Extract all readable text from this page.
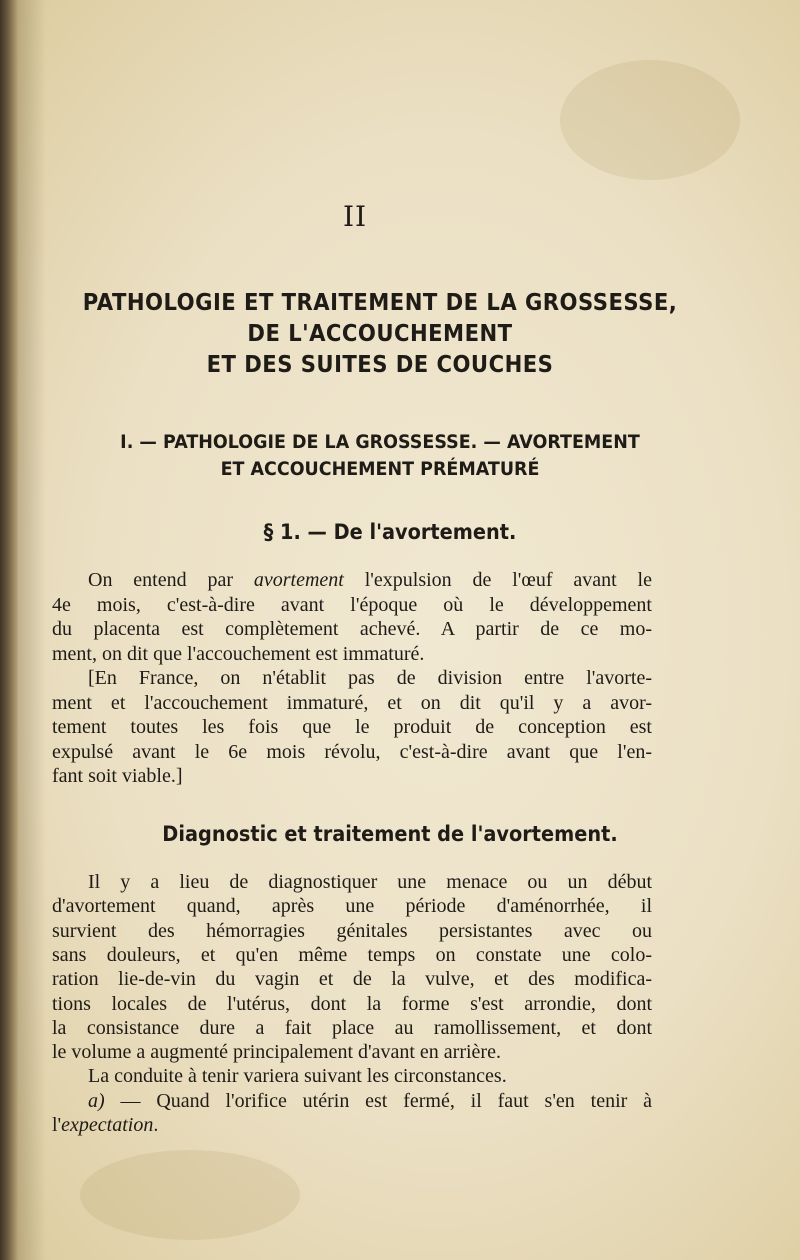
II
PATHOLOGIE ET TRAITEMENT DE LA GROSSESSE,
DE L'ACCOUCHEMENT
ET DES SUITES DE COUCHES
I. — PATHOLOGIE DE LA GROSSESSE. — AVORTEMENT
ET ACCOUCHEMENT PRÉMATURÉ
§ 1. — De l'avortement.
On entend par avortement l'expulsion de l'œuf avant le
4e mois, c'est-à-dire avant l'époque où le développement
du placenta est complètement achevé. A partir de ce mo-
ment, on dit que l'accouchement est immaturé.
[En France, on n'établit pas de division entre l'avorte-
ment et l'accouchement immaturé, et on dit qu'il y a avor-
tement toutes les fois que le produit de conception est
expulsé avant le 6e mois révolu, c'est-à-dire avant que l'en-
fant soit viable.]
Diagnostic et traitement de l'avortement.
Il y a lieu de diagnostiquer une menace ou un début
d'avortement quand, après une période d'aménorrhée, il
survient des hémorragies génitales persistantes avec ou
sans douleurs, et qu'en même temps on constate une colo-
ration lie-de-vin du vagin et de la vulve, et des modifica-
tions locales de l'utérus, dont la forme s'est arrondie, dont
la consistance dure a fait place au ramollissement, et dont
le volume a augmenté principalement d'avant en arrière.
La conduite à tenir variera suivant les circonstances.
a) — Quand l'orifice utérin est fermé, il faut s'en tenir à
l'expectation.
